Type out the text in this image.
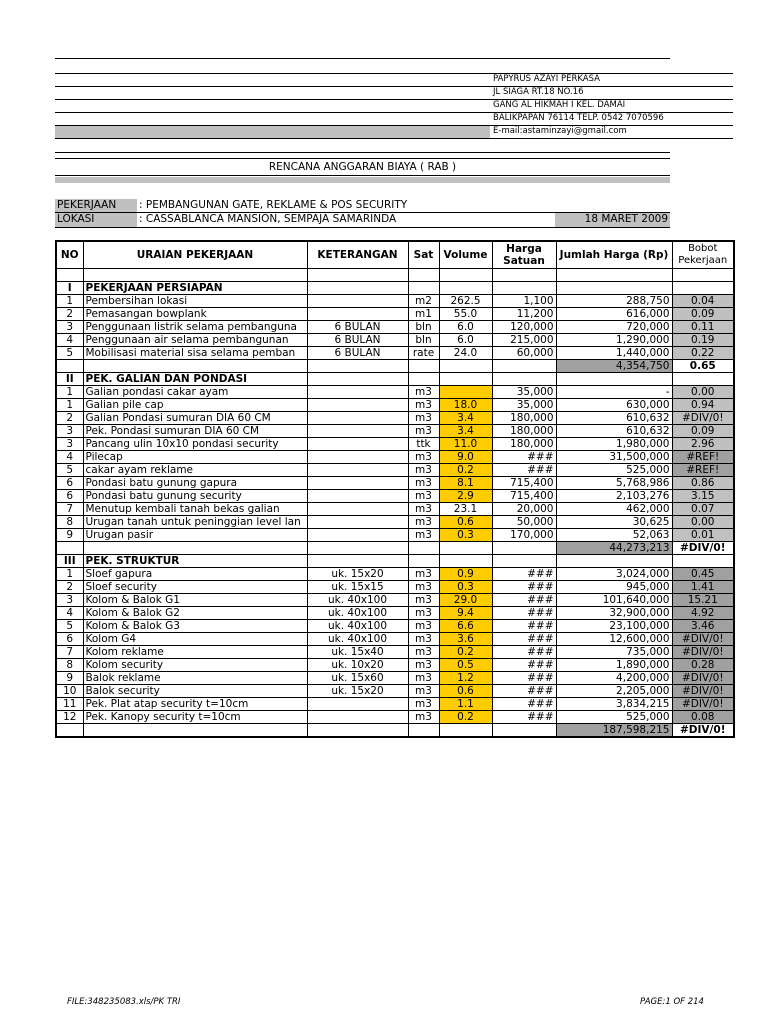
PAPYRUS AZAYI PERKASA
JL SIAGA RT.18 NO.16
GANG AL HIKMAH I KEL. DAMAI
BALIKPAPAN 76114 TELP. 0542 7070596
E-mail:astaminzayi@gmail.com
RENCANA ANGGARAN BIAYA ( RAB )
PEKERJAAN : PEMBANGUNAN GATE, REKLAME & POS SECURITY
LOKASI	: CASSABLANCA MANSION, SEMPAJA SAMARINDA	18 MARET 2009
NO	URAIAN PEKERJAAN	KETERANGAN	Sat	Volume	Harga Satuan	Jumlah Harga (Rp)	Bobot Pekerjaan

I	PEKERJAAN PERSIAPAN						
1	Pembersihan lokasi		m2	262.5	1,100	288,750	0.04
2	Pemasangan bowplank		m1	55.0	11,200	616,000	0.09
3	Penggunaan listrik selama pembanguna	6 BULAN	bln	6.0	120,000	720,000	0.11
4	Penggunaan air selama pembangunan	6 BULAN	bln	6.0	215,000	1,290,000	0.19
5	Mobilisasi material sisa selama pemban	6 BULAN	rate	24.0	60,000	1,440,000	0.22
						4,354,750	0.65
II	PEK. GALIAN DAN PONDASI						
1	Galian pondasi cakar ayam		m3		35,000	-	0.00
1	Galian pile cap		m3	18.0	35,000	630,000	0.94
2	Galian Pondasi sumuran DIA 60 CM		m3	3.4	180,000	610,632	#DIV/0!
3	Pek. Pondasi sumuran DIA 60 CM		m3	3.4	180,000	610,632	0.09
3	Pancang ulin 10x10 pondasi security		ttk	11.0	180,000	1,980,000	2.96
4	Pilecap		m3	9.0	###	31,500,000	#REF!
5	cakar ayam reklame		m3	0.2	###	525,000	#REF!
6	Pondasi batu gunung gapura		m3	8.1	715,400	5,768,986	0.86
6	Pondasi batu gunung security		m3	2.9	715,400	2,103,276	3.15
7	Menutup kembali tanah bekas galian		m3	23.1	20,000	462,000	0.07
8	Urugan tanah untuk peninggian level lan		m3	0.6	50,000	30,625	0.00
9	Urugan pasir		m3	0.3	170,000	52,063	0.01
						44,273,213	#DIV/0!
III	PEK. STRUKTUR						
1	Sloef gapura	uk. 15x20	m3	0.9	###	3,024,000	0.45
2	Sloef security	uk. 15x15	m3	0.3	###	945,000	1.41
3	Kolom & Balok G1	uk. 40x100	m3	29.0	###	101,640,000	15.21
4	Kolom & Balok G2	uk. 40x100	m3	9.4	###	32,900,000	4.92
5	Kolom & Balok G3	uk. 40x100	m3	6.6	###	23,100,000	3.46
6	Kolom G4	uk. 40x100	m3	3.6	###	12,600,000	#DIV/0!
7	Kolom reklame	uk. 15x40	m3	0.2	###	735,000	#DIV/0!
8	Kolom security	uk. 10x20	m3	0.5	###	1,890,000	0.28
9	Balok reklame	uk. 15x60	m3	1.2	###	4,200,000	#DIV/0!
10	Balok security	uk. 15x20	m3	0.6	###	2,205,000	#DIV/0!
11	Pek. Plat atap security t=10cm		m3	1.1	###	3,834,215	#DIV/0!
12	Pek. Kanopy security t=10cm		m3	0.2	###	525,000	0.08
						187,598,215	#DIV/0!
FILE:348235083.xls/PK TRI	PAGE:1 OF 214
